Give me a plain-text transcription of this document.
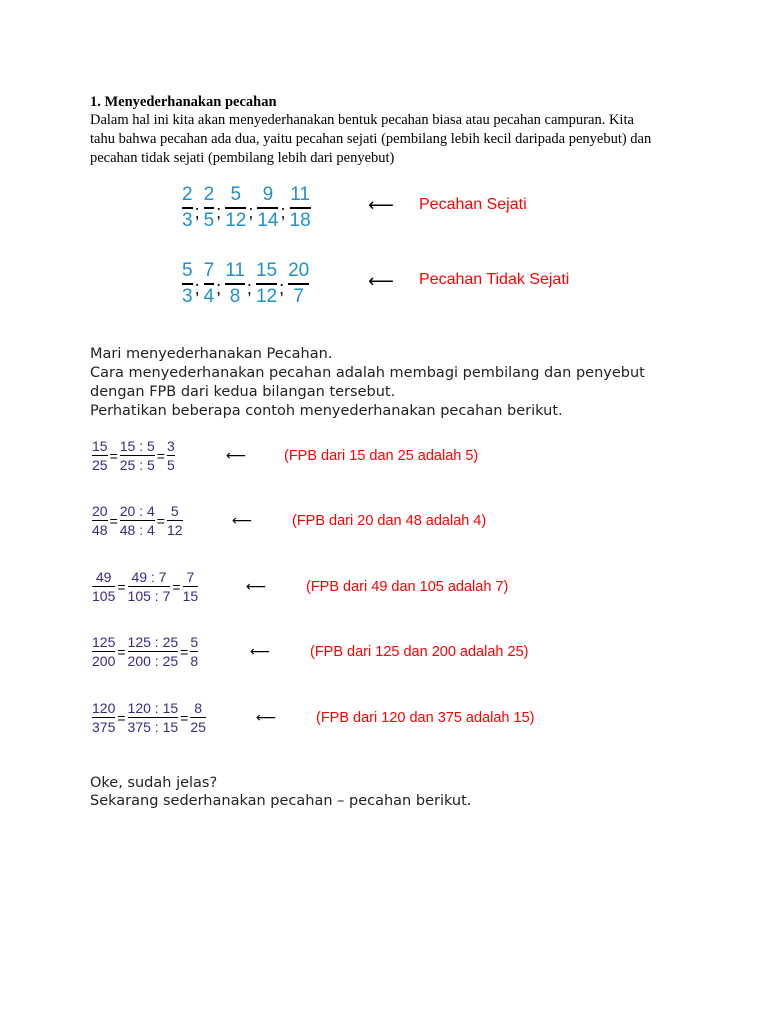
1. Menyederhanakan pecahan
Dalam hal ini kita akan menyederhanakan bentuk pecahan biasa atau pecahan campuran. Kita
tahu bahwa pecahan ada dua, yaitu pecahan sejati (pembilang lebih kecil daripada penyebut) dan
pecahan tidak sejati (pembilang lebih dari penyebut)
$\frac{2}{3}$ ; $\frac{2}{5}$ ; $\frac{5}{12}$ ; $\frac{9}{14}$ ; $\frac{11}{18}$	⟵ Pecahan Sejati
$\frac{5}{3}$ ; $\frac{7}{4}$ ; $\frac{11}{8}$ ; $\frac{15}{12}$ ; $\frac{20}{7}$	⟵ Pecahan Tidak Sejati
Mari menyederhanakan Pecahan.
Cara menyederhanakan pecahan adalah membagi pembilang dan penyebut
dengan FPB dari kedua bilangan tersebut.
Perhatikan beberapa contoh menyederhanakan pecahan berikut.
$\frac{15}{25} = \frac{15 : 5}{25 : 5} = \frac{3}{5}$	⟵	(FPB dari 15 dan 25 adalah 5)
$\frac{20}{48} = \frac{20 : 4}{48 : 4} = \frac{5}{12}$	⟵	(FPB dari 20 dan 48 adalah 4)
$\frac{49}{105} = \frac{49 : 7}{105 : 7} = \frac{7}{15}$	⟵	(FPB dari 49 dan 105 adalah 7)
$\frac{125}{200} = \frac{125 : 25}{200 : 25} = \frac{5}{8}$	⟵	(FPB dari 125 dan 200 adalah 25)
$\frac{120}{375} = \frac{120 : 15}{375 : 15} = \frac{8}{25}$	⟵	(FPB dari 120 dan 375 adalah 15)
Oke, sudah jelas?
Sekarang sederhanakan pecahan – pecahan berikut.
